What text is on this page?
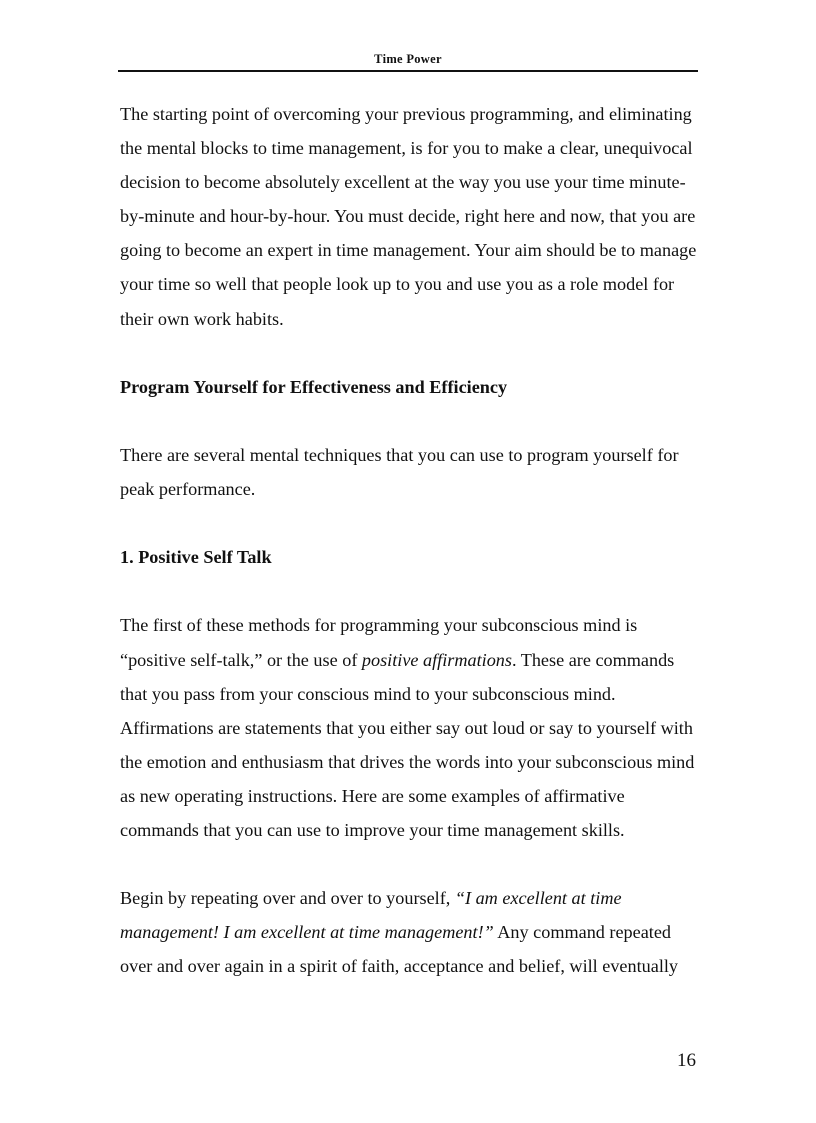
Time Power

The starting point of overcoming your previous programming, and eliminating the mental blocks to time management, is for you to make a clear, unequivocal decision to become absolutely excellent at the way you use your time minute-by-minute and hour-by-hour. You must decide, right here and now, that you are going to become an expert in time management. Your aim should be to manage your time so well that people look up to you and use you as a role model for their own work habits.

Program Yourself for Effectiveness and Efficiency

There are several mental techniques that you can use to program yourself for peak performance.

1. Positive Self Talk

The first of these methods for programming your subconscious mind is “positive self-talk,” or the use of positive affirmations. These are commands that you pass from your conscious mind to your subconscious mind. Affirmations are statements that you either say out loud or say to yourself with the emotion and enthusiasm that drives the words into your subconscious mind as new operating instructions. Here are some examples of affirmative commands that you can use to improve your time management skills.

Begin by repeating over and over to yourself, “I am excellent at time management! I am excellent at time management!” Any command repeated over and over again in a spirit of faith, acceptance and belief, will eventually

16
